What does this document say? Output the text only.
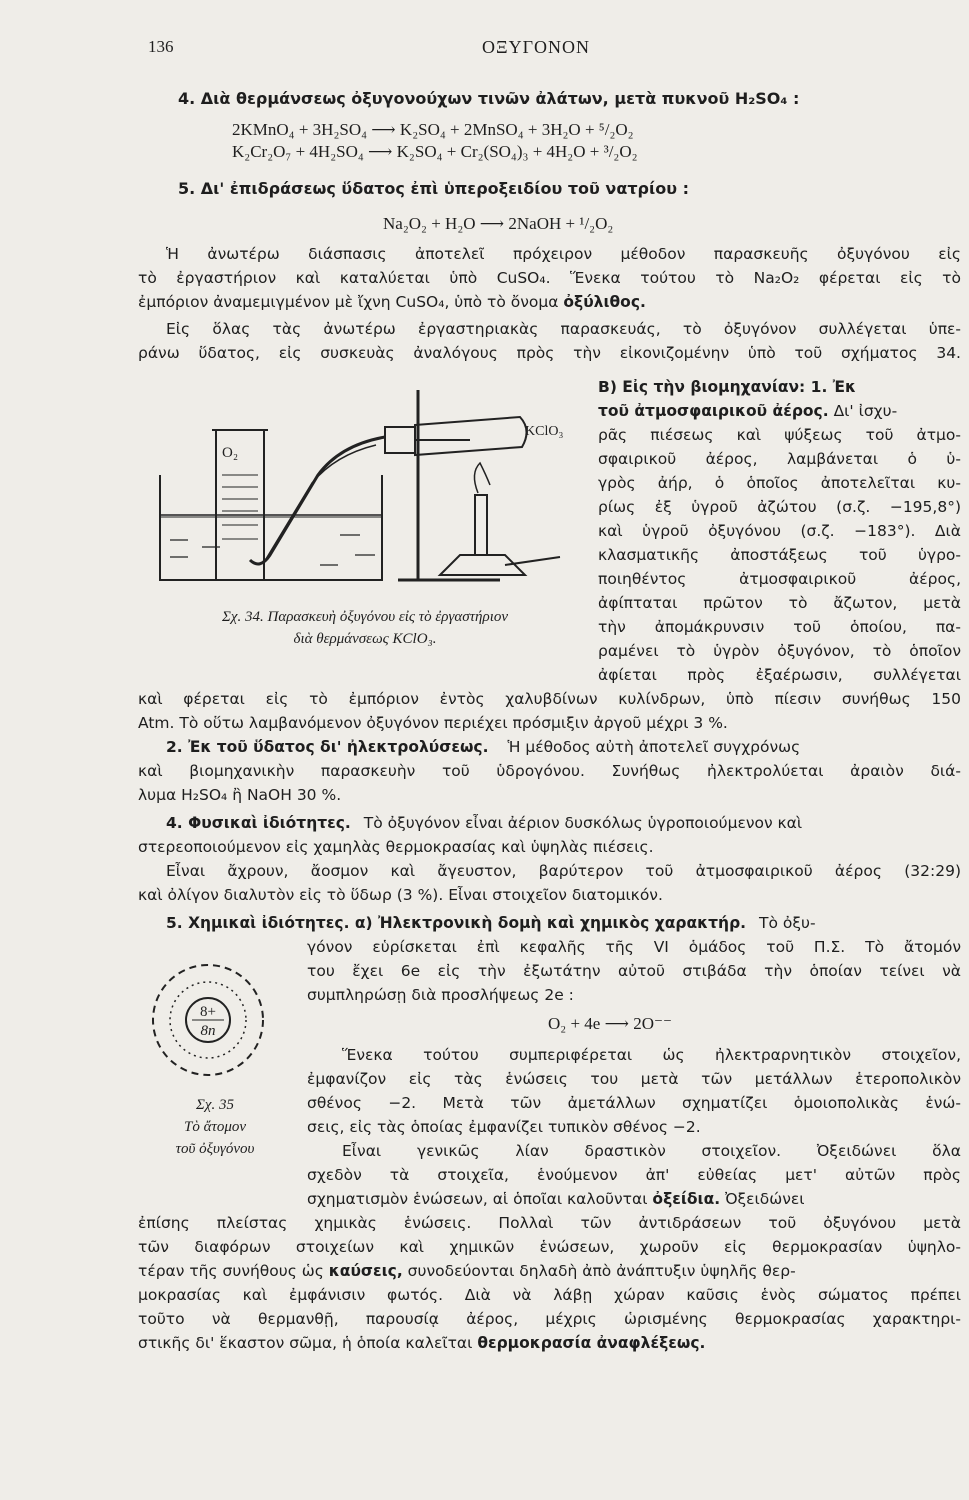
136	ΟΞΥΓΟΝΟΝ
4. Διὰ θερμάνσεως ὀξυγονούχων τινῶν ἀλάτων, μετὰ πυκνοῦ H₂SO₄ :
2KMnO₄ + 3H₂SO₄ ⟶ K₂SO₄ + 2MnSO₄ + 3H₂O + ⁵/₂O₂
K₂Cr₂O₇ + 4H₂SO₄ ⟶ K₂SO₄ + Cr₂(SO₄)₃ + 4H₂O + ³/₂O₂
5. Δι' ἐπιδράσεως ὕδατος ἐπὶ ὑπεροξειδίου τοῦ νατρίου :
Na₂O₂ + H₂O ⟶ 2NaOH + ¹/₂O₂
Ἡ ἀνωτέρω διάσπασις ἀποτελεῖ πρόχειρον μέθοδον παρασκευῆς ὀξυγόνου εἰς
τὸ ἐργαστήριον καὶ καταλύεται ὑπὸ CuSO₄. Ἕνεκα τούτου τὸ Na₂O₂ φέρεται εἰς τὸ
ἐμπόριον ἀναμεμιγμένον μὲ ἴχνη CuSO₄, ὑπὸ τὸ ὄνομα ὀξύλιθος.
Εἰς ὅλας τὰς ἀνωτέρω ἐργαστηριακὰς παρασκευάς, τὸ ὀξυγόνον συλλέγεται ὑπε-
ράνω ὕδατος, εἰς συσκευὰς ἀναλόγους πρὸς τὴν εἰκονιζομένην ὑπὸ τοῦ σχήματος 34.
O₂
KClO₃
Σχ. 34. Παρασκευὴ ὀξυγόνου εἰς τὸ ἐργαστήριον
διὰ θερμάνσεως KClO₃.
B) Εἰς τὴν βιομηχανίαν: 1. Ἐκ
τοῦ ἀτμοσφαιρικοῦ ἀέρος. Δι' ἰσχυ-
ρᾶς πιέσεως καὶ ψύξεως τοῦ ἀτμο-
σφαιρικοῦ ἀέρος, λαμβάνεται ὁ ὑ-
γρὸς ἀήρ, ὁ ὁποῖος ἀποτελεῖται κυ-
ρίως ἐξ ὑγροῦ ἀζώτου (σ.ζ. −195,8°)
καὶ ὑγροῦ ὀξυγόνου (σ.ζ. −183°). Διὰ
κλασματικῆς ἀποστάξεως τοῦ ὑγρο-
ποιηθέντος ἀτμοσφαιρικοῦ ἀέρος,
ἀφίπταται πρῶτον τὸ ἄζωτον, μετὰ
τὴν ἀπομάκρυνσιν τοῦ ὁποίου, πα-
ραμένει τὸ ὑγρὸν ὀξυγόνον, τὸ ὁποῖον
ἀφίεται πρὸς ἐξαέρωσιν, συλλέγεται
καὶ φέρεται εἰς τὸ ἐμπόριον ἐντὸς χαλυβδίνων κυλίνδρων, ὑπὸ πίεσιν συνήθως 150
Atm. Τὸ οὕτω λαμβανόμενον ὀξυγόνον περιέχει πρόσμιξιν ἀργοῦ μέχρι 3 %.
2. Ἐκ τοῦ ὕδατος δι' ἠλεκτρολύσεως. Ἡ μέθοδος αὐτὴ ἀποτελεῖ συγχρόνως
καὶ βιομηχανικὴν παρασκευὴν τοῦ ὑδρογόνου. Συνήθως ἠλεκτρολύεται ἀραιὸν διά-
λυμα H₂SO₄ ἢ NaOH 30 %.
4. Φυσικαὶ ἰδιότητες. Τὸ ὀξυγόνον εἶναι ἀέριον δυσκόλως ὑγροποιούμενον καὶ
στερεοποιούμενον εἰς χαμηλὰς θερμοκρασίας καὶ ὑψηλὰς πιέσεις.
Εἶναι ἄχρουν, ἄοσμον καὶ ἄγευστον, βαρύτερον τοῦ ἀτμοσφαιρικοῦ ἀέρος (32:29)
καὶ ὀλίγον διαλυτὸν εἰς τὸ ὕδωρ (3 %). Εἶναι στοιχεῖον διατομικόν.
5. Χημικαὶ ἰδιότητες. α) Ἠλεκτρονικὴ δομὴ καὶ χημικὸς χαρακτήρ. Τὸ ὀξυ-
γόνον εὑρίσκεται ἐπὶ κεφαλῆς τῆς VI ὁμάδος τοῦ Π.Σ. Τὸ ἄτομόν
του ἔχει 6e εἰς τὴν ἐξωτάτην αὐτοῦ στιβάδα τὴν ὁποίαν τείνει νὰ
συμπληρώσῃ διὰ προσλήψεως 2e :
O₂ + 4e ⟶ 2O⁻⁻
Ἕνεκα τούτου συμπεριφέρεται ὡς ἠλεκτραρνητικὸν στοιχεῖον,
ἐμφανίζον εἰς τὰς ἑνώσεις του μετὰ τῶν μετάλλων ἑτεροπολικὸν
σθένος −2. Μετὰ τῶν ἀμετάλλων σχηματίζει ὁμοιοπολικὰς ἑνώ-
σεις, εἰς τὰς ὁποίας ἐμφανίζει τυπικὸν σθένος −2.
Εἶναι γενικῶς λίαν δραστικὸν στοιχεῖον. Ὀξειδώνει ὅλα
σχεδὸν τὰ στοιχεῖα, ἑνούμενον ἀπ' εὐθείας μετ' αὐτῶν πρὸς
σχηματισμὸν ἑνώσεων, αἱ ὁποῖαι καλοῦνται ὀξείδια. Ὀξειδώνει
ἐπίσης πλείστας χημικὰς ἑνώσεις. Πολλαὶ τῶν ἀντιδράσεων τοῦ ὀξυγόνου μετὰ
τῶν διαφόρων στοιχείων καὶ χημικῶν ἑνώσεων, χωροῦν εἰς θερμοκρασίαν ὑψηλο-
τέραν τῆς συνήθους ὡς καύσεις, συνοδεύονται δηλαδὴ ἀπὸ ἀνάπτυξιν ὑψηλῆς θερ-
μοκρασίας καὶ ἐμφάνισιν φωτός. Διὰ νὰ λάβῃ χώραν καῦσις ἑνὸς σώματος πρέπει
τοῦτο νὰ θερμανθῇ, παρουσίᾳ ἀέρος, μέχρις ὡρισμένης θερμοκρασίας χαρακτηρι-
στικῆς δι' ἕκαστον σῶμα, ἡ ὁποία καλεῖται θερμοκρασία ἀναφλέξεως.
8+
8n
Σχ. 35
Τὸ ἄτομον
τοῦ ὀξυγόνου
